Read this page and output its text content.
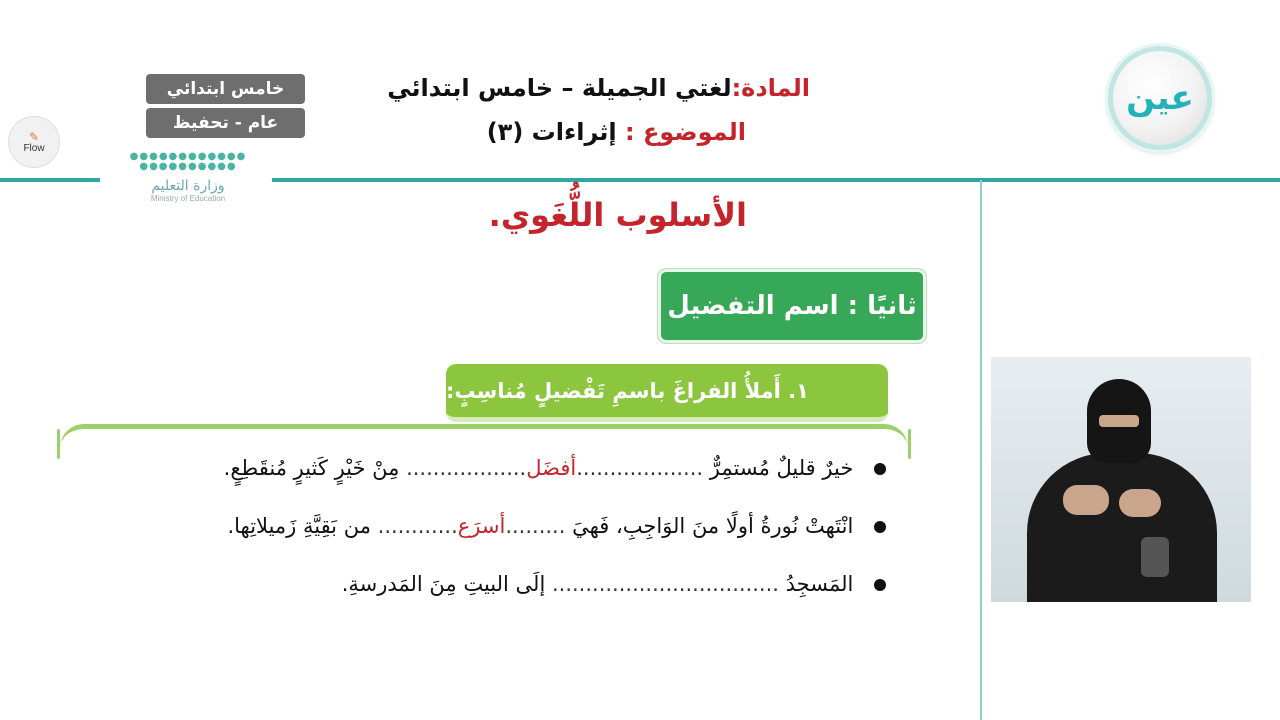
عين
✎
Flow
خامس ابتدائي
عام - تحفيظ
●●●●●●●●●●●●
●●●●●●●●●●
وزارة التعليم
Ministry of Education
المادة:لغتي الجميلة – خامس ابتدائي
الموضوع : إثراءات (٣)
الأسلوب اللُّغَوي.
ثانيًا : اسم التفضيل
١. أَملأُ الفراغَ باسمِ تَفْضيلٍ مُناسِبٍ:
خيرٌ قليلٌ مُستمِرٌّ ...................أفضَل.................. مِنْ خَيْرٍ كَثيرٍ مُنقَطِعٍ.
انْتَهتْ نُورةُ أولًا منَ الوَاجِبِ، فَهيَ .........أسرَع............ من بَقِيَّةِ زَميلاتِها.
المَسجِدُ .................................. إلَى البيتِ مِنَ المَدرسةِ.
